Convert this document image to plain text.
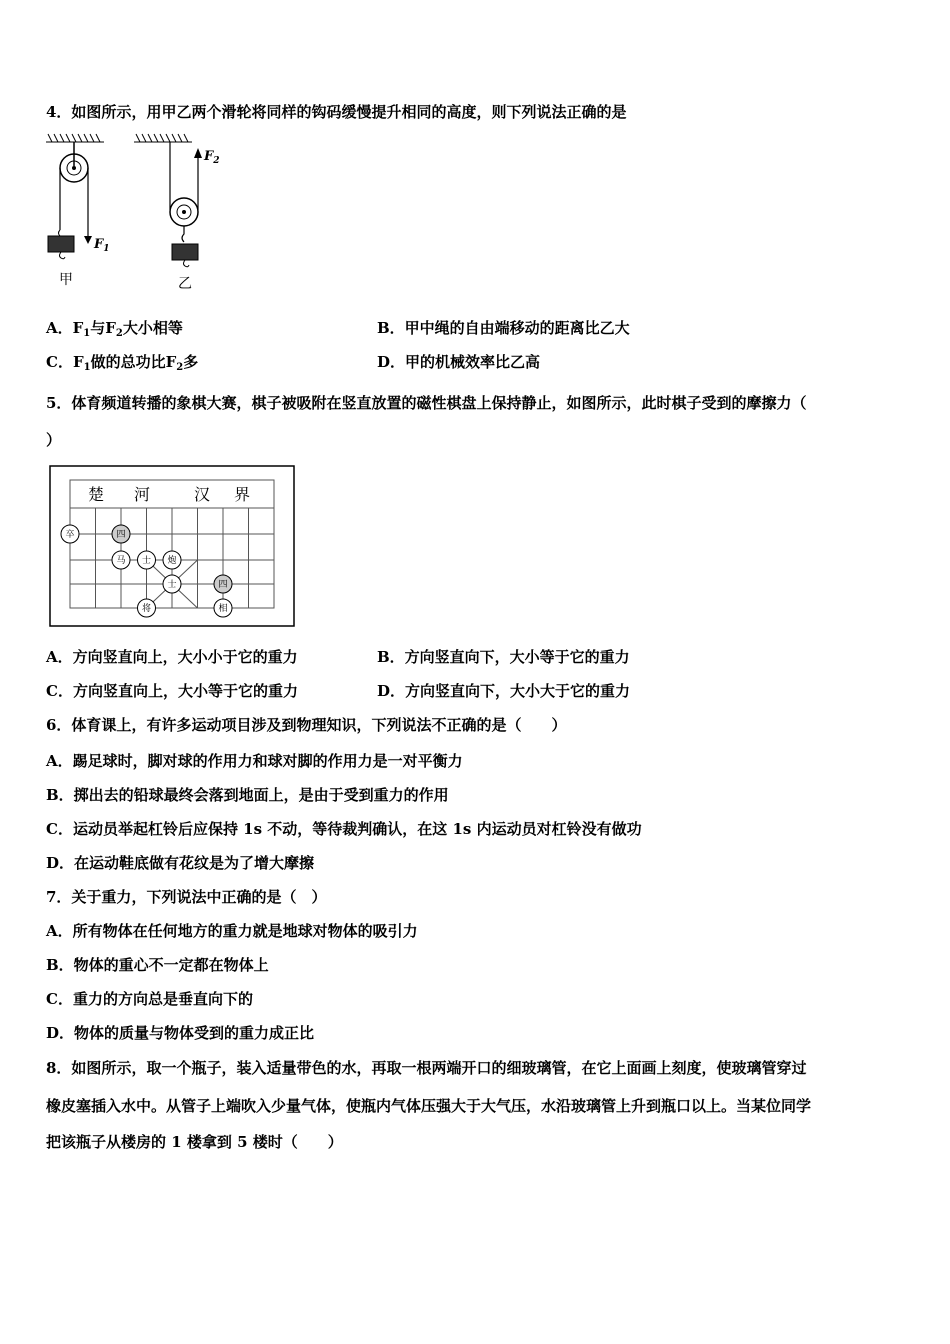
4．如图所示，用甲乙两个滑轮将同样的钩码缓慢提升相同的高度，则下列说法正确的是
$F_1$
甲
$F_2$
乙
A．$F_1$与$F_2$大小相等	B．甲中绳的自由端移动的距离比乙大
C．$F_1$做的总功比$F_2$多	D．甲的机械效率比乙高
5．体育频道转播的象棋大赛，棋子被吸附在竖直放置的磁性棋盘上保持静止，如图所示，此时棋子受到的摩擦力（
）
楚 河	汉 界
卒	四
马 士 炮
士	四
将	相
A．方向竖直向上，大小小于它的重力	B．方向竖直向下，大小等于它的重力
C．方向竖直向上，大小等于它的重力	D．方向竖直向下，大小大于它的重力
6．体育课上，有许多运动项目涉及到物理知识，下列说法不正确的是（　　）
A．踢足球时，脚对球的作用力和球对脚的作用力是一对平衡力
B．掷出去的铅球最终会落到地面上，是由于受到重力的作用
C．运动员举起杠铃后应保持 1s 不动，等待裁判确认，在这 1s 内运动员对杠铃没有做功
D．在运动鞋底做有花纹是为了增大摩擦
7．关于重力，下列说法中正确的是（　）
A．所有物体在任何地方的重力就是地球对物体的吸引力
B．物体的重心不一定都在物体上
C．重力的方向总是垂直向下的
D．物体的质量与物体受到的重力成正比
8．如图所示，取一个瓶子，装入适量带色的水，再取一根两端开口的细玻璃管，在它上面画上刻度，使玻璃管穿过
橡皮塞插入水中。从管子上端吹入少量气体，使瓶内气体压强大于大气压，水沿玻璃管上升到瓶口以上。当某位同学
把该瓶子从楼房的 1 楼拿到 5 楼时（　　）
